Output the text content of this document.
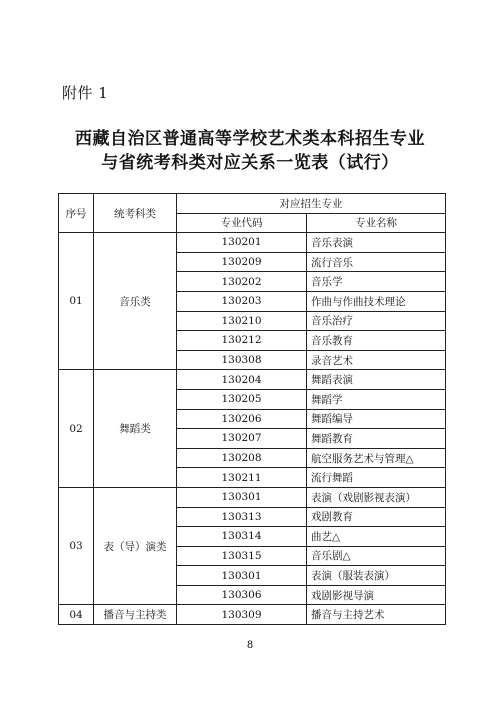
附件 1
西藏自治区普通高等学校艺术类本科招生专业
与省统考科类对应关系一览表（试行）
序号	统考科类	对应招生专业	
		专业代码	专业名称
01	音乐类	130201	音乐表演
		130209	流行音乐
		130202	音乐学
		130203	作曲与作曲技术理论
		130210	音乐治疗
		130212	音乐教育
		130308	录音艺术
02	舞蹈类	130204	舞蹈表演
		130205	舞蹈学
		130206	舞蹈编导
		130207	舞蹈教育
		130208	航空服务艺术与管理△
		130211	流行舞蹈
03	表（导）演类	130301	表演（戏剧影视表演）
		130313	戏剧教育
		130314	曲艺△
		130315	音乐剧△
		130301	表演（服装表演）
		130306	戏剧影视导演
04	播音与主持类	130309	播音与主持艺术
8
